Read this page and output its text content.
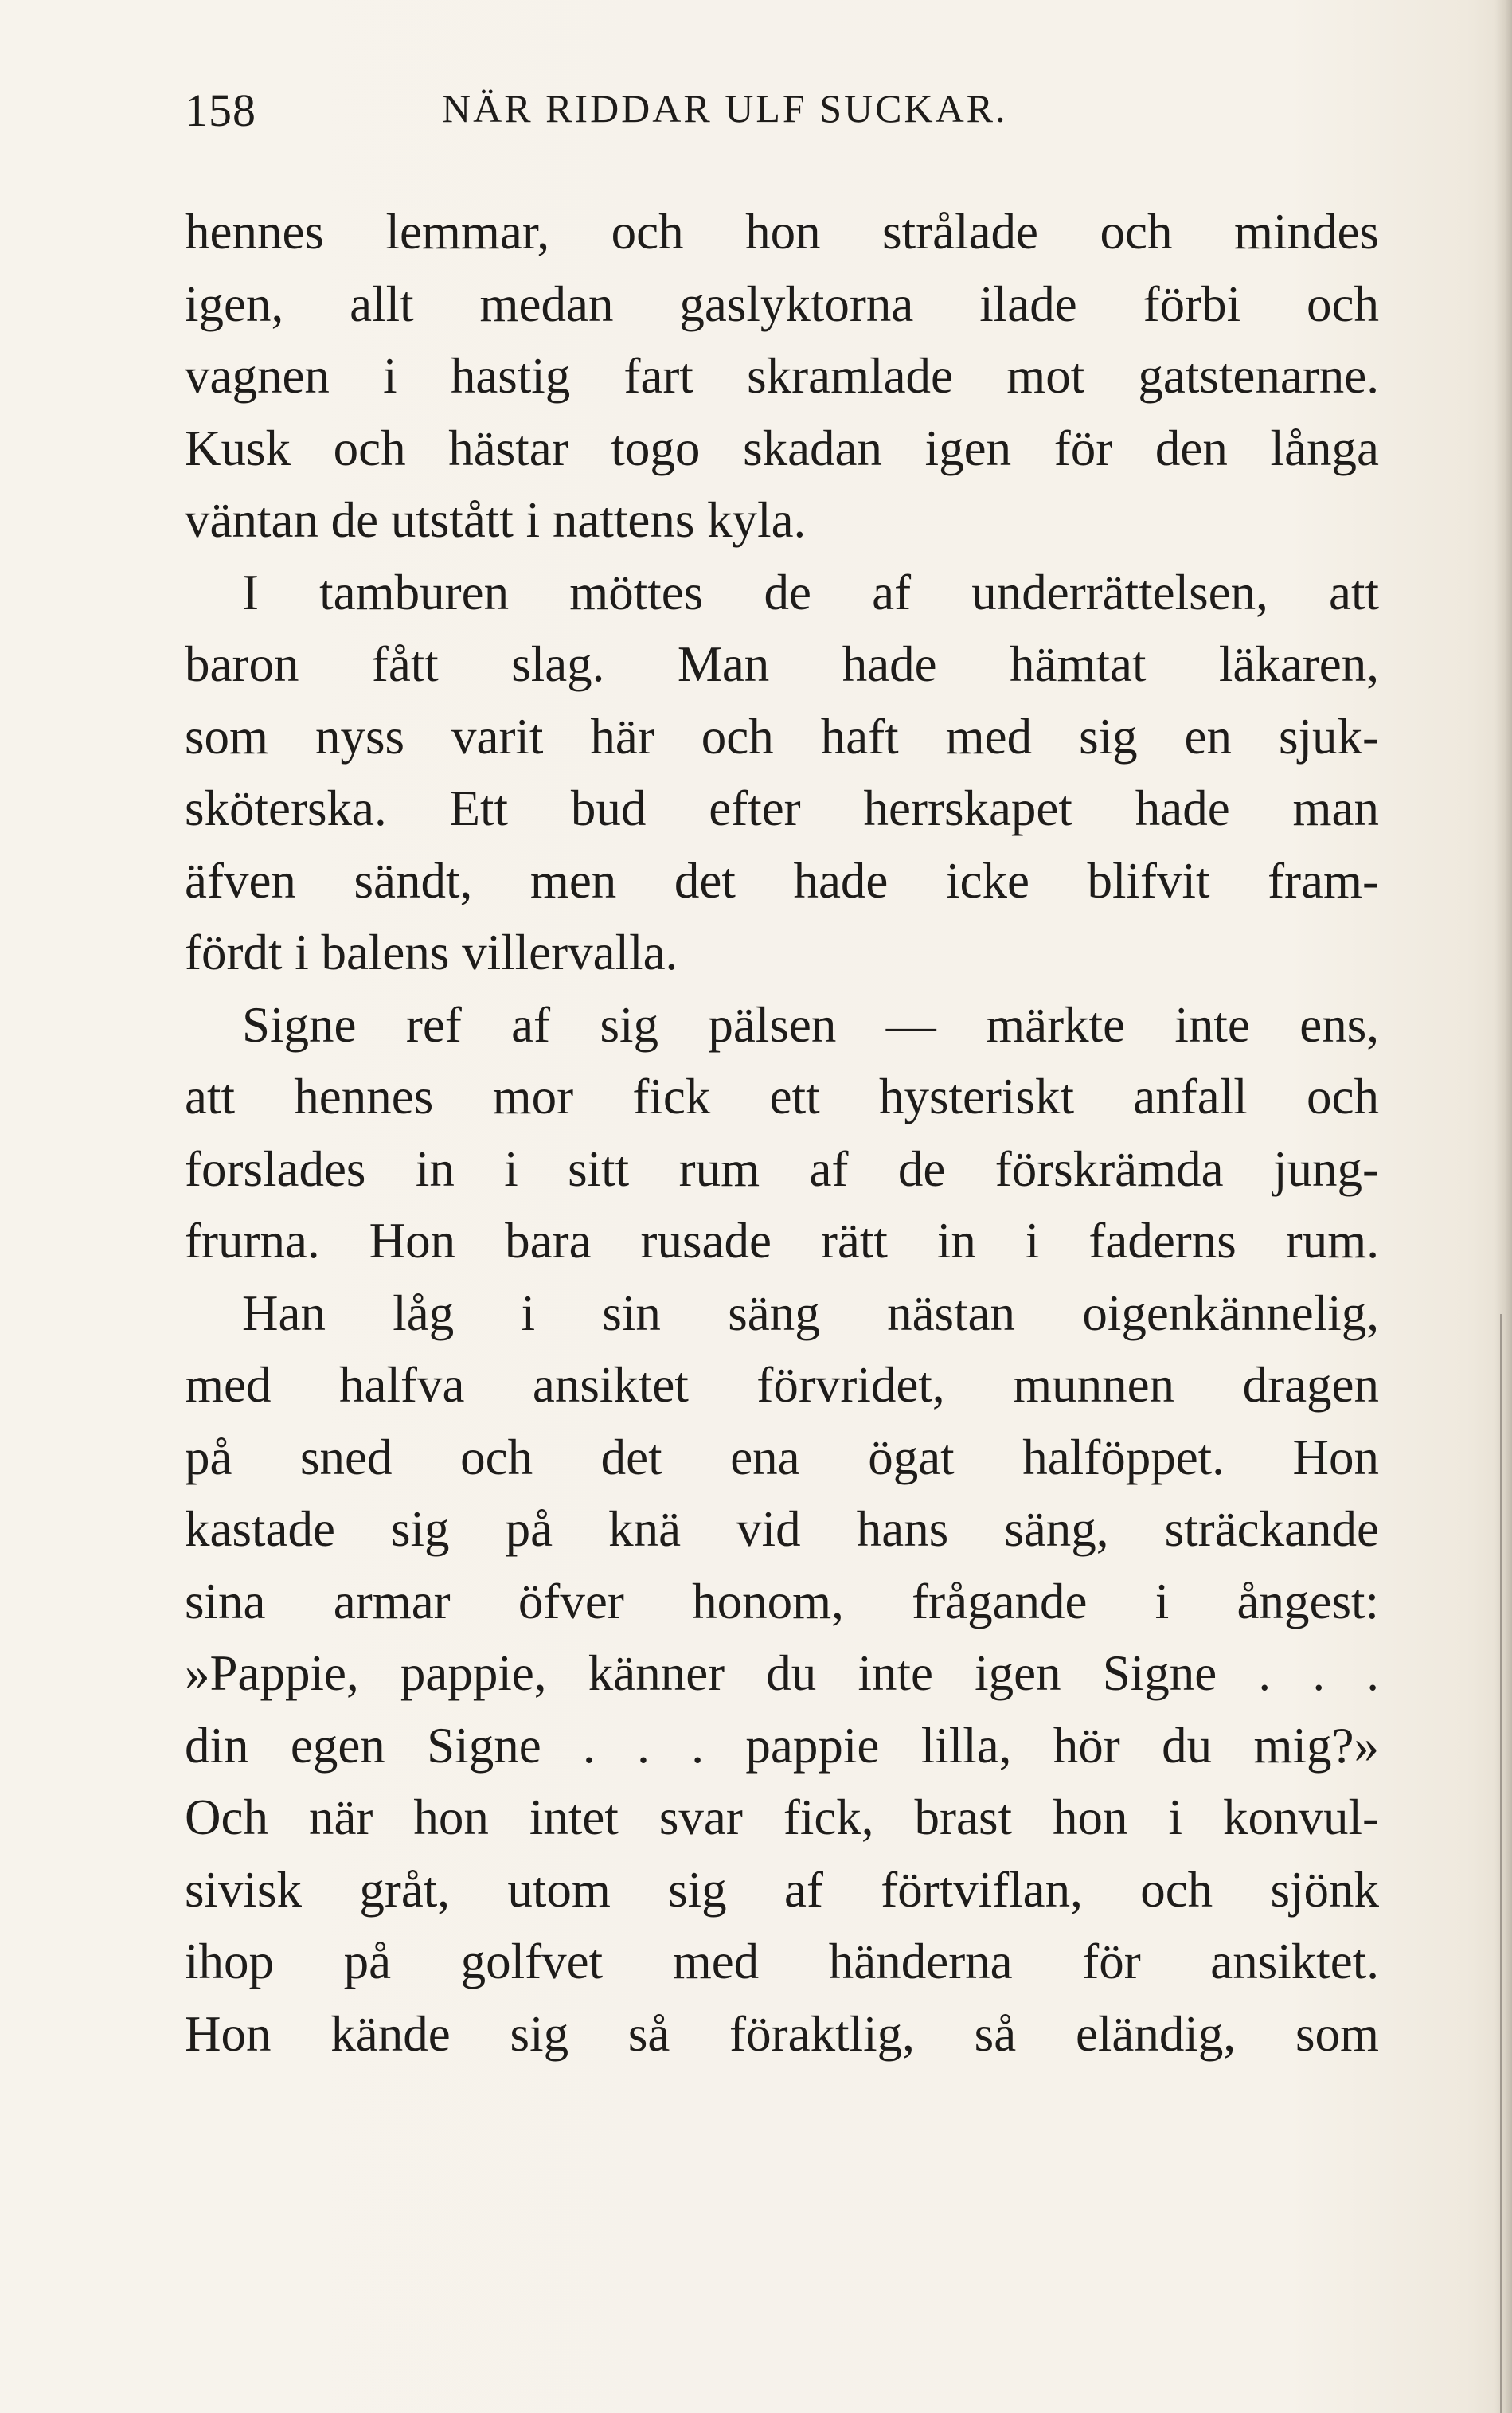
158	NÄR RIDDAR ULF SUCKAR.
hennes lemmar, och hon strålade och mindes
igen, allt medan gaslyktorna ilade förbi och
vagnen i hastig fart skramlade mot gatstenarne.
Kusk och hästar togo skadan igen för den långa
väntan de utstått i nattens kyla.
I tamburen möttes de af underrättelsen, att
baron fått slag. Man hade hämtat läkaren,
som nyss varit här och haft med sig en sjuk-
sköterska. Ett bud efter herrskapet hade man
äfven sändt, men det hade icke blifvit fram-
fördt i balens villervalla.
Signe ref af sig pälsen — märkte inte ens,
att hennes mor fick ett hysteriskt anfall och
forslades in i sitt rum af de förskrämda jung-
frurna. Hon bara rusade rätt in i faderns rum.
Han låg i sin säng nästan oigenkännelig,
med halfva ansiktet förvridet, munnen dragen
på sned och det ena ögat halföppet. Hon
kastade sig på knä vid hans säng, sträckande
sina armar öfver honom, frågande i ångest:
»Pappie, pappie, känner du inte igen Signe . . .
din egen Signe . . . pappie lilla, hör du mig?»
Och när hon intet svar fick, brast hon i konvul-
sivisk gråt, utom sig af förtviflan, och sjönk
ihop på golfvet med händerna för ansiktet.
Hon kände sig så föraktlig, så eländig, som
